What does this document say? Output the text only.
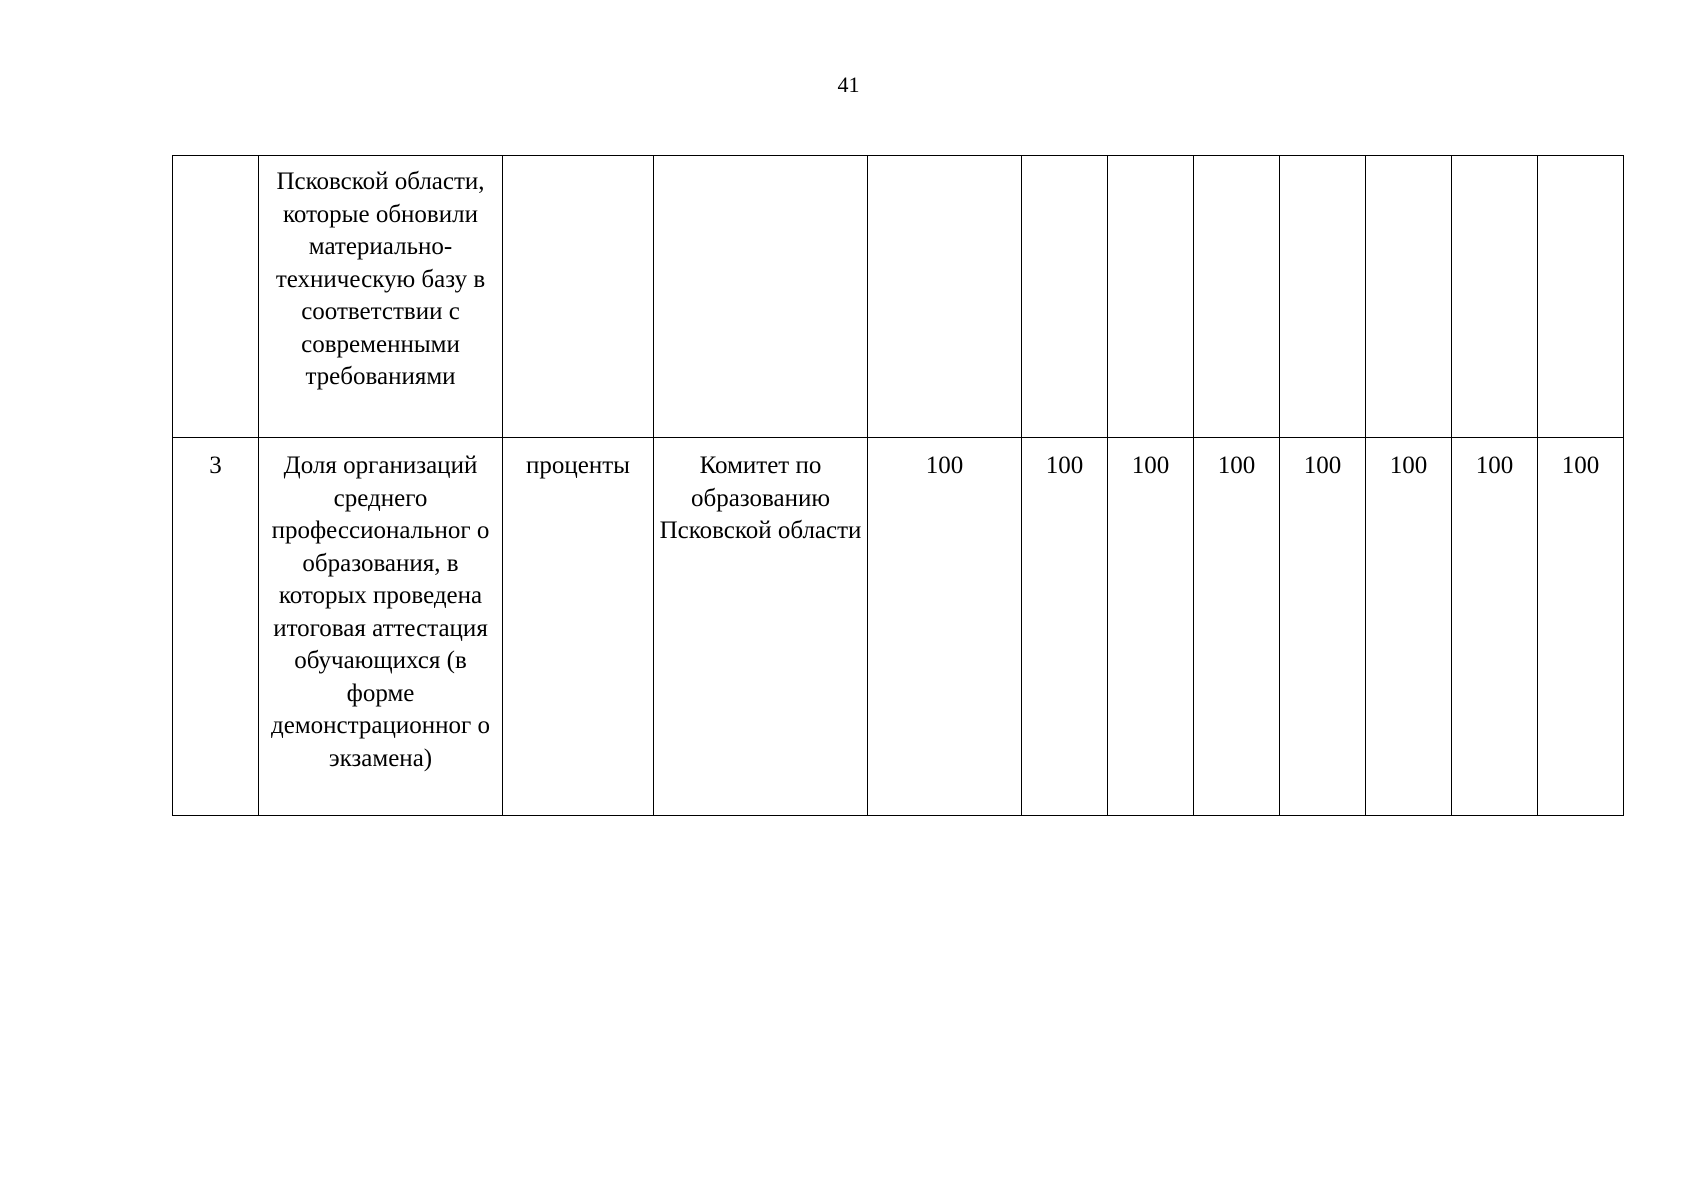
41
	Псковской области, которые обновили материально-техническую базу в соответствии с современными требованиями										
3	Доля организаций среднего профессиональног о образования, в которых проведена итоговая аттестация обучающихся (в форме демонстрационног о экзамена)	проценты	Комитет по образованию Псковской области	100	100	100	100	100	100	100	100
